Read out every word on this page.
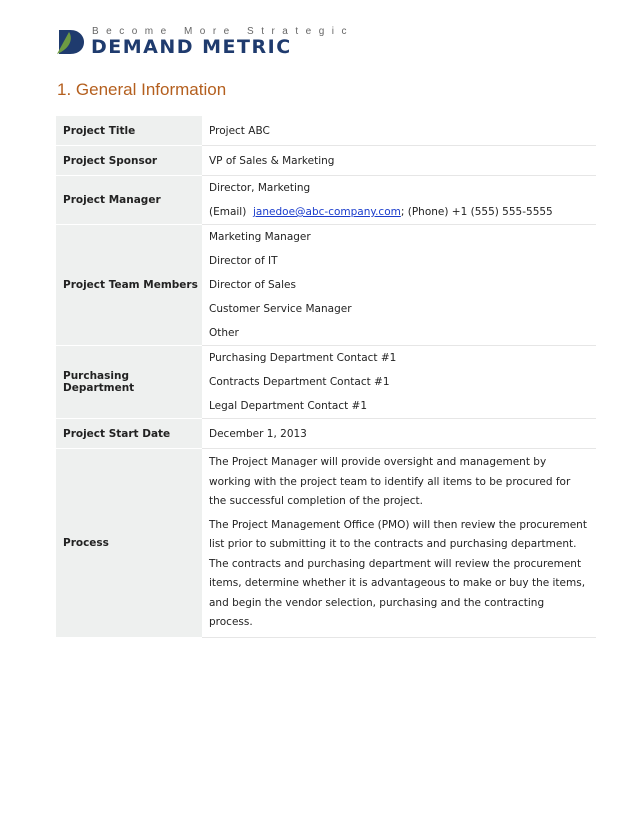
Become More Strategic
DEMAND METRIC
1. General Information
Project Title	Project ABC
Project Sponsor	VP of Sales & Marketing
Project Manager	Director, Marketing
(Email) janedoe@abc-company.com; (Phone) +1 (555) 555-5555

Project Team Members	Marketing Manager
Director of IT
Director of Sales
Customer Service Manager
Other

Purchasing Department	Purchasing Department Contact #1
Contracts Department Contact #1
Legal Department Contact #1

Project Start Date	December 1, 2013
Process	The Project Manager will provide oversight and management by working with the project team to identify all items to be procured for the successful completion of the project.
The Project Management Office (PMO) will then review the procurement list prior to submitting it to the contracts and purchasing department. The contracts and purchasing department will review the procurement items, determine whether it is advantageous to make or buy the items, and begin the vendor selection, purchasing and the contracting process.
